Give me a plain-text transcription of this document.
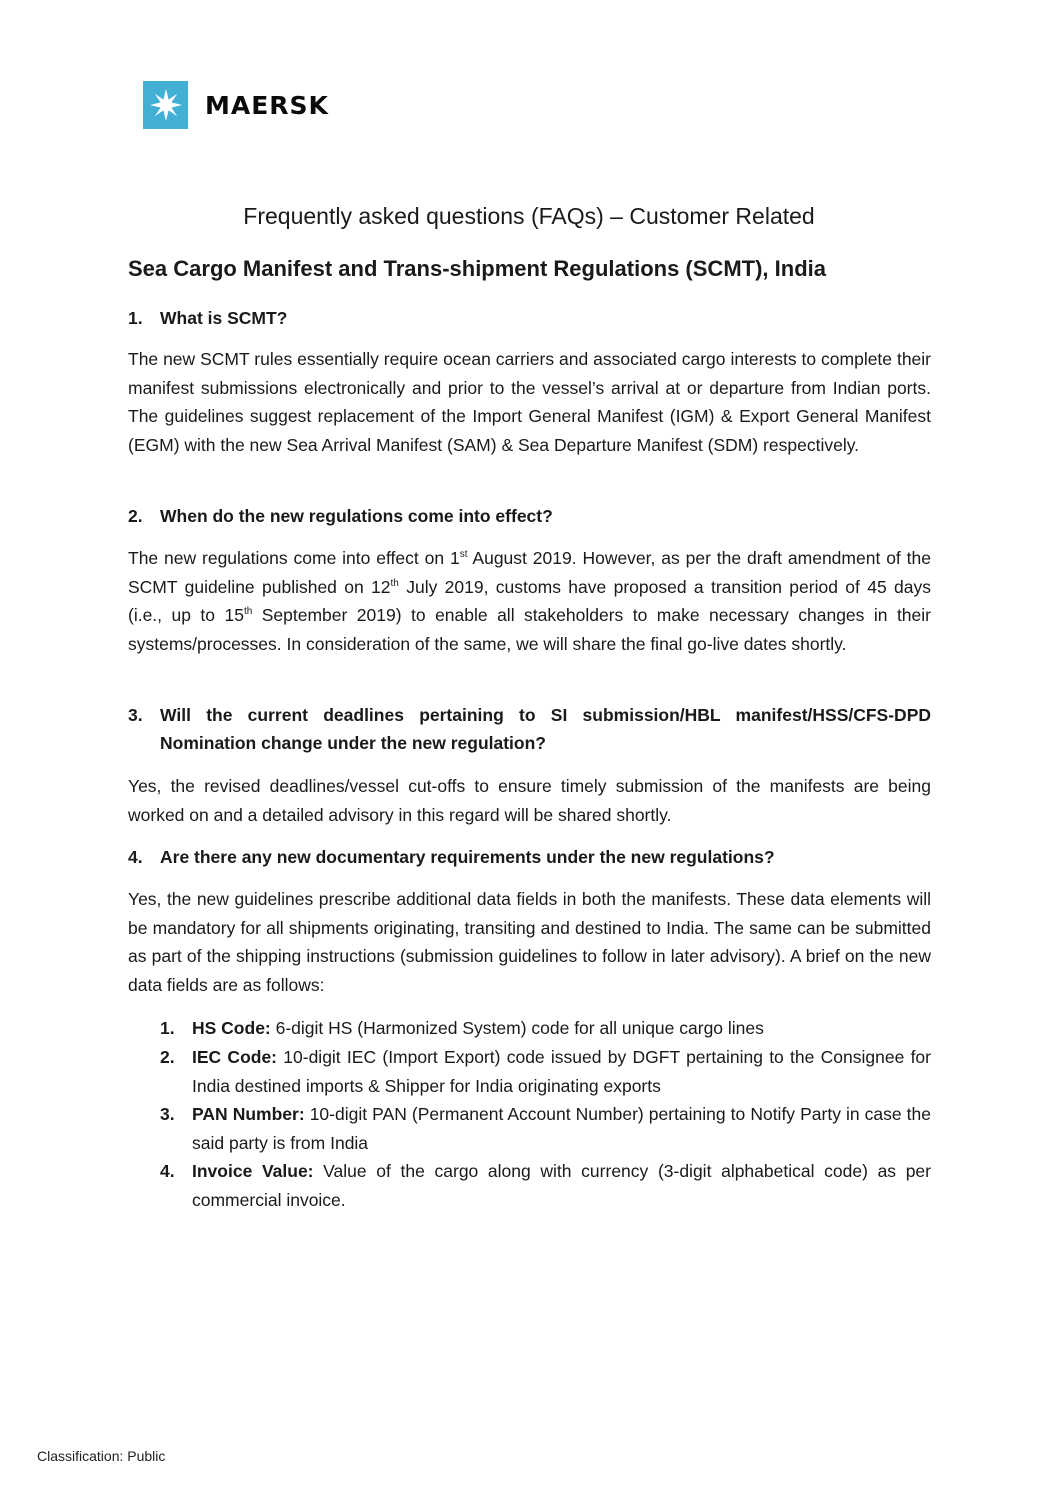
MAERSK
Frequently asked questions (FAQs) – Customer Related
Sea Cargo Manifest and Trans-shipment Regulations (SCMT), India
1. What is SCMT?
The new SCMT rules essentially require ocean carriers and associated cargo interests to complete their manifest submissions electronically and prior to the vessel’s arrival at or departure from Indian ports. The guidelines suggest replacement of the Import General Manifest (IGM) & Export General Manifest (EGM) with the new Sea Arrival Manifest (SAM) & Sea Departure Manifest (SDM) respectively.
2. When do the new regulations come into effect?
The new regulations come into effect on 1st August 2019. However, as per the draft amendment of the SCMT guideline published on 12th July 2019, customs have proposed a transition period of 45 days (i.e., up to 15th September 2019) to enable all stakeholders to make necessary changes in their systems/processes. In consideration of the same, we will share the final go-live dates shortly.
3. Will the current deadlines pertaining to SI submission/HBL manifest/HSS/CFS-DPD Nomination change under the new regulation?
Yes, the revised deadlines/vessel cut-offs to ensure timely submission of the manifests are being worked on and a detailed advisory in this regard will be shared shortly.
4. Are there any new documentary requirements under the new regulations?
Yes, the new guidelines prescribe additional data fields in both the manifests. These data elements will be mandatory for all shipments originating, transiting and destined to India. The same can be submitted as part of the shipping instructions (submission guidelines to follow in later advisory). A brief on the new data fields are as follows:
1. HS Code: 6-digit HS (Harmonized System) code for all unique cargo lines
2. IEC Code: 10-digit IEC (Import Export) code issued by DGFT pertaining to the Consignee for India destined imports & Shipper for India originating exports
3. PAN Number: 10-digit PAN (Permanent Account Number) pertaining to Notify Party in case the said party is from India
4. Invoice Value: Value of the cargo along with currency (3-digit alphabetical code) as per commercial invoice.
Classification: Public
